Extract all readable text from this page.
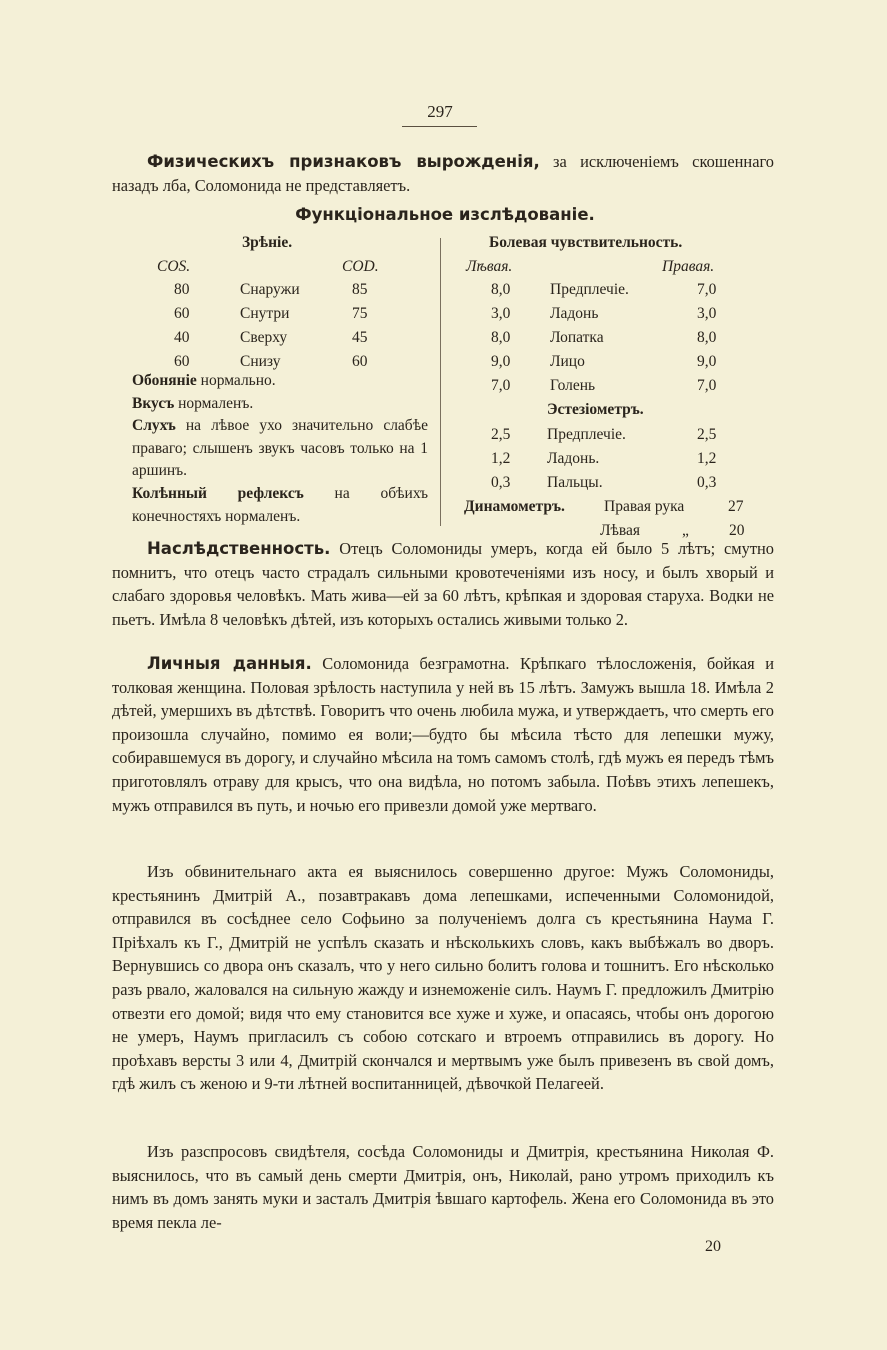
297

Физическихъ признаковъ вырожденія, за исключеніемъ скошеннаго назадъ лба, Соломонида не представляетъ.

Функціональное изслѣдованіе.
Зрѣніе.
COS.	COD.
80	Снаружи	85
60	Снутри	75
40	Сверху	45
60	Снизу	60
Обоняніе нормально.
Вкусъ нормаленъ.
Слухъ на лѣвое ухо значительно слабѣе праваго; слышенъ звукъ часовъ только на 1 аршинъ.
Колѣнный рефлексъ на обѣихъ конечностяхъ нормаленъ.
Болевая чувствительность.
Лѣвая.	Правая.
8,0	Предплечіе.	7,0
3,0	Ладонь	3,0
8,0	Лопатка	8,0
9,0	Лицо	9,0
7,0	Голень	7,0
Эстезіометръ.
2,5 Предплечіе.	2,5
1,2 Ладонь.	1,2
0,3 Пальцы.	0,3
Динамометръ.	Правая рука	27
Лѣвая	„	20

Наслѣдственность. Отецъ Соломониды умеръ, когда ей было 5 лѣтъ; смутно помнитъ, что отецъ часто страдалъ сильными кровотеченіями изъ носу, и былъ хворый и слабаго здоровья человѣкъ. Мать жива—ей за 60 лѣтъ, крѣпкая и здоровая старуха. Водки не пьетъ. Имѣла 8 человѣкъ дѣтей, изъ которыхъ остались живыми только 2.

Личныя данныя. Соломонида безграмотна. Крѣпкаго тѣлосложенія, бойкая и толковая женщина. Половая зрѣлость наступила у ней въ 15 лѣтъ. Замужъ вышла 18. Имѣла 2 дѣтей, умершихъ въ дѣтствѣ. Говоритъ что очень любила мужа, и утверждаетъ, что смерть его произошла случайно, помимо ея воли;—будто бы мѣсила тѣсто для лепешки мужу, собиравшемуся въ дорогу, и случайно мѣсила на томъ самомъ столѣ, гдѣ мужъ ея передъ тѣмъ приготовлялъ отраву для крысъ, что она видѣла, но потомъ забыла. Поѣвъ этихъ лепешекъ, мужъ отправился въ путь, и ночью его привезли домой уже мертваго.

Изъ обвинительнаго акта ея выяснилось совершенно другое: Мужъ Соломониды, крестьянинъ Дмитрій А., позавтракавъ дома лепешками, испеченными Соломонидой, отправился въ сосѣднее село Софьино за полученіемъ долга съ крестьянина Наума Г. Пріѣхалъ къ Г., Дмитрій не успѣлъ сказать и нѣсколькихъ словъ, какъ выбѣжалъ во дворъ. Вернувшись со двора онъ сказалъ, что у него сильно болитъ голова и тошнитъ. Его нѣсколько разъ рвало, жаловался на сильную жажду и изнеможеніе силъ. Наумъ Г. предложилъ Дмитрію отвезти его домой; видя что ему становится все хуже и хуже, и опасаясь, чтобы онъ дорогою не умеръ, Наумъ пригласилъ съ собою сотскаго и втроемъ отправились въ дорогу. Но проѣхавъ версты 3 или 4, Дмитрій скончался и мертвымъ уже былъ привезенъ въ свой домъ, гдѣ жилъ съ женою и 9-ти лѣтней воспитанницей, дѣвочкой Пелагеей.

Изъ разспросовъ свидѣтеля, сосѣда Соломониды и Дмитрія, крестьянина Николая Ф. выяснилось, что въ самый день смерти Дмитрія, онъ, Николай, рано утромъ приходилъ къ нимъ въ домъ занять муки и засталъ Дмитрія ѣвшаго картофель. Жена его Соломонида въ это время пекла ле-

20
